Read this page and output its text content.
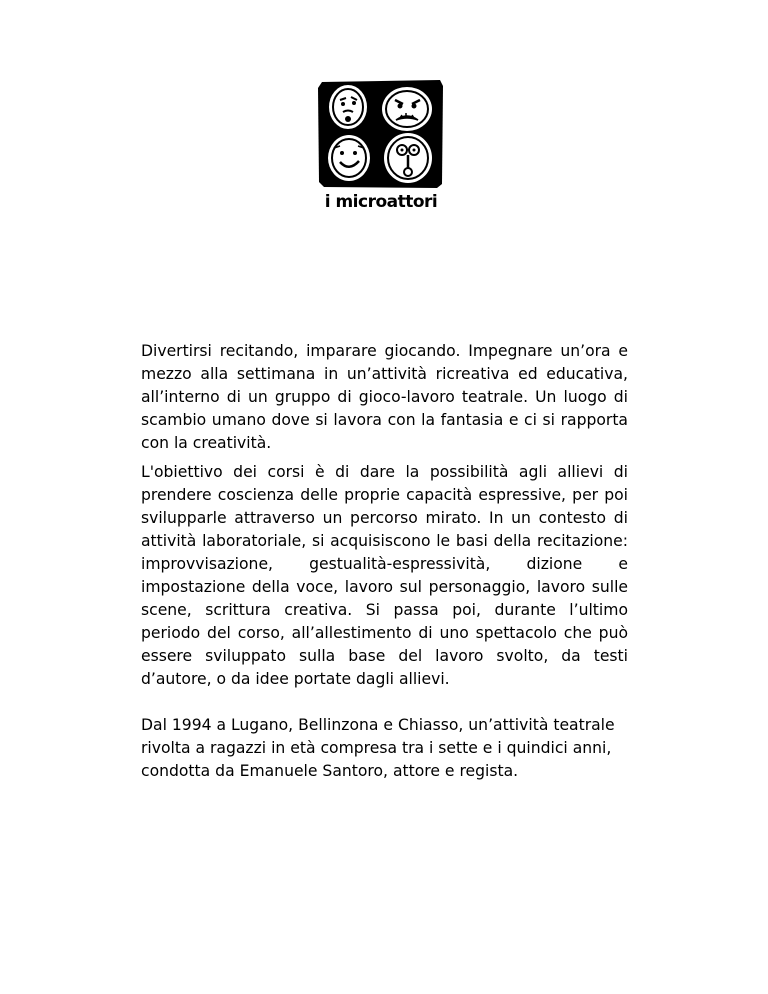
i microattori

Divertirsi recitando, imparare giocando. Impegnare un’ora e mezzo alla settimana in un’attività ricreativa ed educativa, all’interno di un gruppo di gioco-lavoro teatrale. Un luogo di scambio umano dove si lavora con la fantasia e ci si rapporta con la creatività.

L'obiettivo dei corsi è di dare la possibilità agli allievi di prendere coscienza delle proprie capacità espressive, per poi svilupparle attraverso un percorso mirato. In un contesto di attività laboratoriale, si acquisiscono le basi della recitazione: improvvisazione, gestualità-espressività, dizione e impostazione della voce, lavoro sul personaggio, lavoro sulle scene, scrittura creativa. Si passa poi, durante l’ultimo periodo del corso, all’allestimento di uno spettacolo che può essere sviluppato sulla base del lavoro svolto, da testi d’autore, o da idee portate dagli allievi.

Dal 1994 a Lugano, Bellinzona e Chiasso, un’attività teatrale rivolta a ragazzi in età compresa tra i sette e i quindici anni, condotta da Emanuele Santoro, attore e regista.
